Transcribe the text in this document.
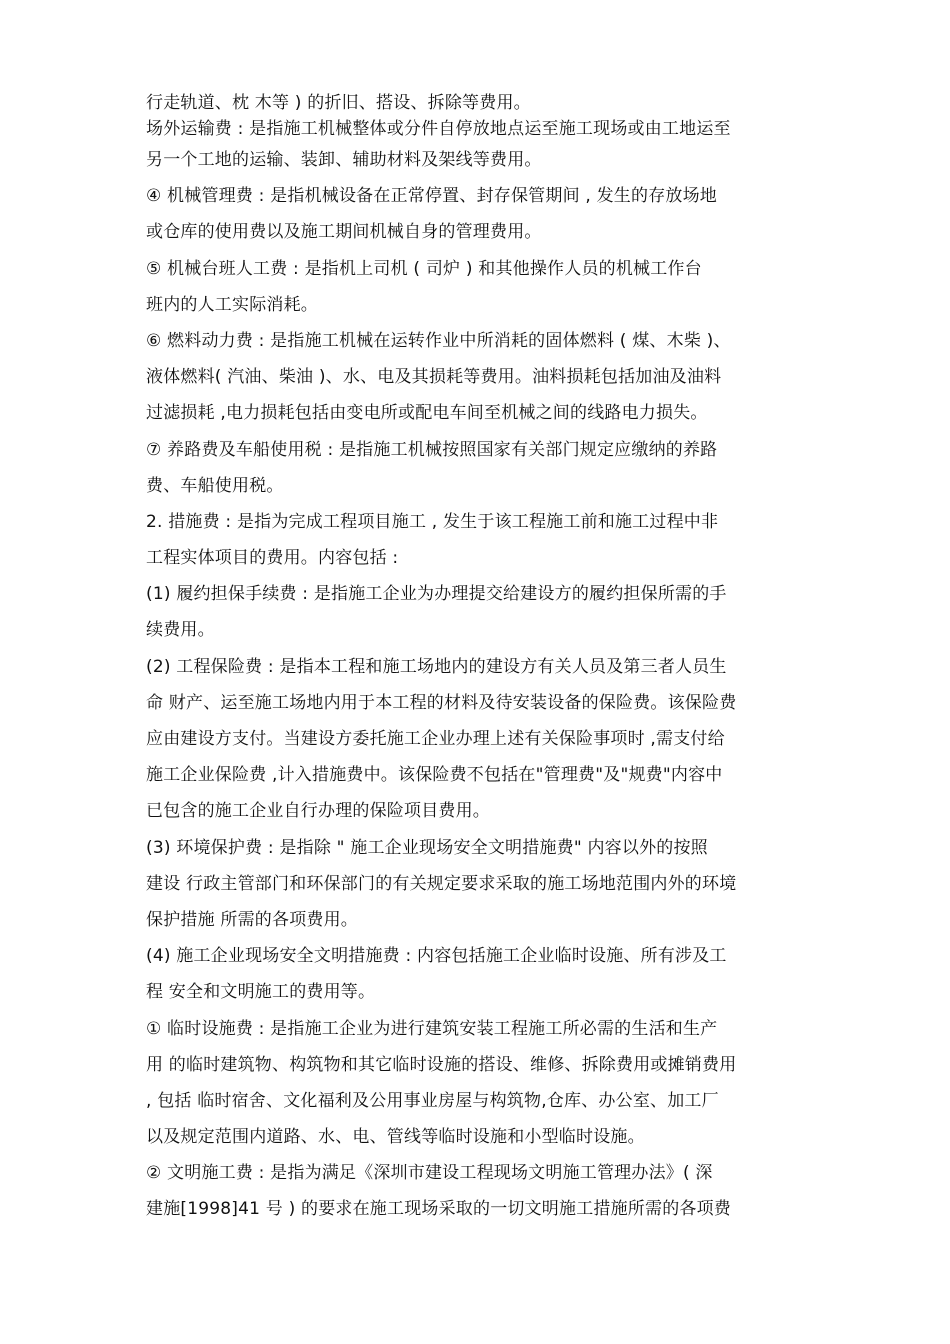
行走轨道、枕 木等 ) 的折旧、搭设、拆除等费用。
场外运输费 : 是指施工机械整体或分件自停放地点运至施工现场或由工地运至
另一个工地的运输、装卸、辅助材料及架线等费用。
④ 机械管理费 : 是指机械设备在正常停置、封存保管期间 , 发生的存放场地
或仓库的使用费以及施工期间机械自身的管理费用。
⑤ 机械台班人工费 : 是指机上司机 ( 司炉 ) 和其他操作人员的机械工作台
班内的人工实际消耗。
⑥ 燃料动力费 : 是指施工机械在运转作业中所消耗的固体燃料 ( 煤、木柴 )、
液体燃料( 汽油、柴油 )、水、电及其损耗等费用。油料损耗包括加油及油料
过滤损耗 ,电力损耗包括由变电所或配电车间至机械之间的线路电力损失。
⑦ 养路费及车船使用税 : 是指施工机械按照国家有关部门规定应缴纳的养路
费、车船使用税。
2. 措施费 : 是指为完成工程项目施工 , 发生于该工程施工前和施工过程中非
工程实体项目的费用。内容包括 :
(1) 履约担保手续费 : 是指施工企业为办理提交给建设方的履约担保所需的手
续费用。
(2) 工程保险费 : 是指本工程和施工场地内的建设方有关人员及第三者人员生
命 财产、运至施工场地内用于本工程的材料及待安装设备的保险费。该保险费
应由建设方支付。当建设方委托施工企业办理上述有关保险事项时 ,需支付给
施工企业保险费 ,计入措施费中。该保险费不包括在"管理费"及"规费"内容中
已包含的施工企业自行办理的保险项目费用。
(3) 环境保护费 : 是指除 " 施工企业现场安全文明措施费" 内容以外的按照
建设 行政主管部门和环保部门的有关规定要求采取的施工场地范围内外的环境
保护措施 所需的各项费用。
(4) 施工企业现场安全文明措施费 : 内容包括施工企业临时设施、所有涉及工
程 安全和文明施工的费用等。
① 临时设施费 : 是指施工企业为进行建筑安装工程施工所必需的生活和生产
用 的临时建筑物、构筑物和其它临时设施的搭设、维修、拆除费用或摊销费用
, 包括 临时宿舍、文化福利及公用事业房屋与构筑物,仓库、办公室、加工厂
以及规定范围内道路、水、电、管线等临时设施和小型临时设施。
② 文明施工费 : 是指为满足《深圳市建设工程现场文明施工管理办法》( 深
建施[1998]41 号 ) 的要求在施工现场采取的一切文明施工措施所需的各项费
